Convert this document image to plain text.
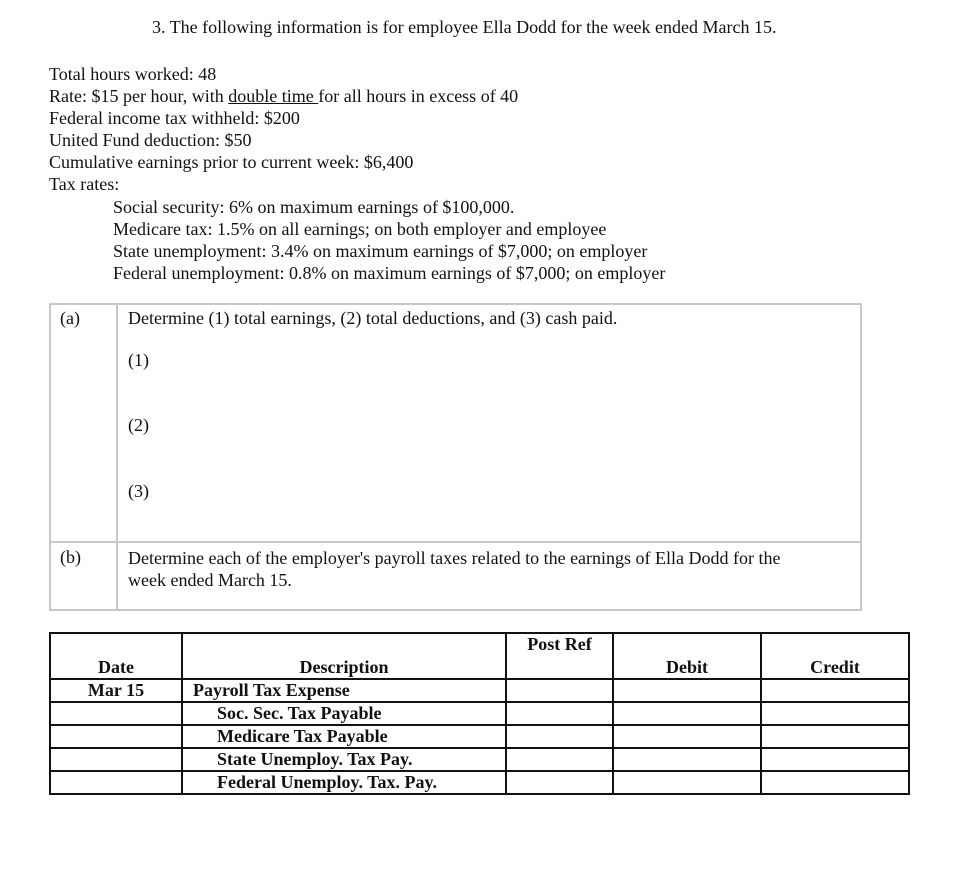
3. The following information is for employee Ella Dodd for the week ended March 15.
Total hours worked: 48
Rate: $15 per hour, with double time for all hours in excess of 40
Federal income tax withheld: $200
United Fund deduction: $50
Cumulative earnings prior to current week: $6,400
Tax rates:
Social security: 6% on maximum earnings of $100,000.
Medicare tax: 1.5% on all earnings; on both employer and employee
State unemployment: 3.4% on maximum earnings of $7,000; on employer
Federal unemployment: 0.8% on maximum earnings of $7,000; on employer
(a)	Determine (1) total earnings, (2) total deductions, and (3) cash paid.
(1)
(2)
(3)
(b)	Determine each of the employer's payroll taxes related to the earnings of Ella Dodd for the
week ended March 15.
Date	Description	Post Ref	Debit	Credit
Mar 15	Payroll Tax Expense			
	Soc. Sec. Tax Payable			
	Medicare Tax Payable			
	State Unemploy. Tax Pay.			
	Federal Unemploy. Tax. Pay.			
